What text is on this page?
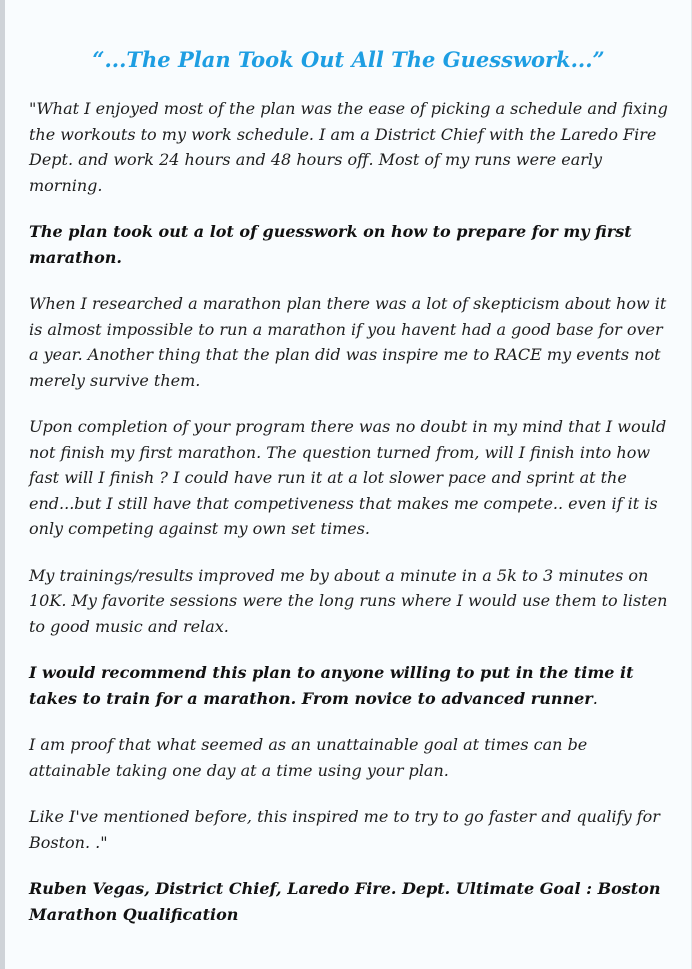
“...The Plan Took Out All The Guesswork...”

"What I enjoyed most of the plan was the ease of picking a schedule and fixing the workouts to my work schedule. I am a District Chief with the Laredo Fire Dept. and work 24 hours and 48 hours off. Most of my runs were early morning.

The plan took out a lot of guesswork on how to prepare for my first marathon.

When I researched a marathon plan there was a lot of skepticism about how it is almost impossible to run a marathon if you havent had a good base for over a year. Another thing that the plan did was inspire me to RACE my events not merely survive them.

Upon completion of your program there was no doubt in my mind that I would not finish my first marathon. The question turned from, will I finish into how fast will I finish ? I could have run it at a lot slower pace and sprint at the end...but I still have that competiveness that makes me compete.. even if it is only competing against my own set times.

My trainings/results improved me by about a minute in a 5k to 3 minutes on 10K. My favorite sessions were the long runs where I would use them to listen to good music and relax.

I would recommend this plan to anyone willing to put in the time it takes to train for a marathon. From novice to advanced runner.

I am proof that what seemed as an unattainable goal at times can be attainable taking one day at a time using your plan.

Like I've mentioned before, this inspired me to try to go faster and qualify for Boston. ."

Ruben Vegas, District Chief, Laredo Fire. Dept. Ultimate Goal : Boston Marathon Qualification
